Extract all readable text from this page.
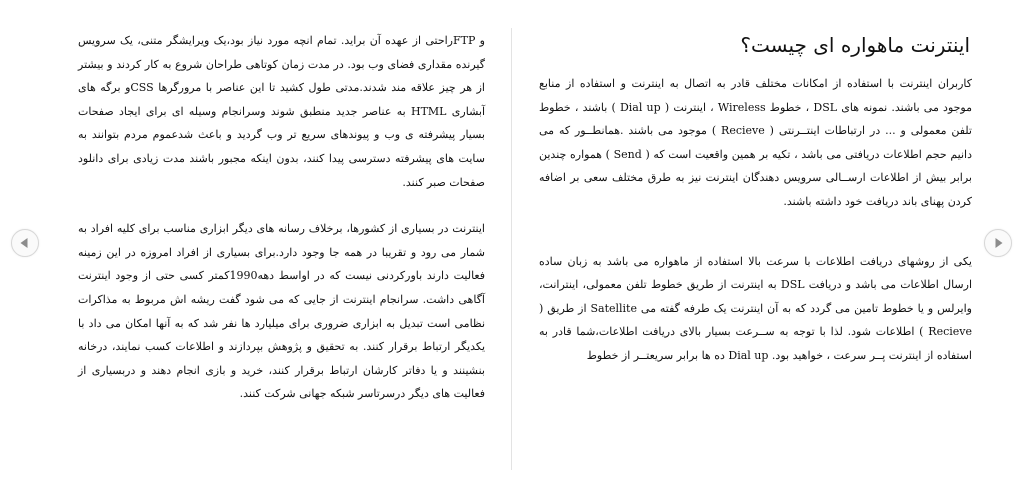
و FTPراحتی از عهده آن براید. تمام انچه مورد نیاز بود،یک ویرایشگر متنی، یک سرویس گیرنده مقداری فضای وب بود. در مدت زمان کوتاهی طراحان شروع به کار کردند و بیشتر از هر چیز علاقه مند شدند.مدتی طول کشید تا این عناصر با مرورگرها CSSو برگه های آبشاری HTML به عناصر جدید منطبق شوند وسرانجام وسیله ای برای ایجاد صفحات بسیار پیشرفته ی وب و پیوندهای سریع تر وب گردید و باعث شدعموم مردم بتوانند به سایت های پیشرفته دسترسی پیدا کنند، بدون اینکه مجبور باشند مدت زیادی برای دانلود صفحات صبر کنند.

اینترنت در بسیاری از کشورها، برخلاف رسانه های دیگر ابزاری مناسب برای کلیه افراد به شمار می رود و تقریبا در همه جا وجود دارد.برای بسیاری از افراد امروزه در این زمینه فعالیت دارند باورکردنی نیست که در اواسط دهه1990کمتر کسی حتی از وجود اینترنت آگاهی داشت. سرانجام اینترنت از جایی که می شود گفت ریشه اش مربوط به مذاکرات نظامی است تبدیل به ابزاری ضروری برای میلیارد ها نفر شد که به آنها امکان می داد با یکدیگر ارتباط برقرار کنند. به تحقیق و پژوهش بپردازند و اطلاعات کسب نمایند، درخانه بنشینند و یا دفاتر کارشان ارتباط برقرار کنند، خرید و بازی انجام دهند و دربسیاری از فعالیت های دیگر درسرتاسر شبکه جهانی شرکت کنند.

اینترنت ماهواره ای چیست؟

کاربران اینترنت با استفاده از امکانات مختلف قادر به اتصال به اینترنت و استفاده از منابع موجود می باشند. نمونه های DSL ، خطوط Wireless ، اینترنت ( Dial up ) باشند ، خطوط تلفن معمولی و ... در ارتباطات اینتــرنتی ( Recieve ) موجود می باشند .همانطــور که می دانیم حجم اطلاعات دریافتی می باشد ، تکیه بر همین واقعیت است که ( Send ) همواره چندین برابر بیش از اطلاعات ارســالی سرویس دهندگان اینترنت نیز به طرق مختلف سعی بر اضافه کردن پهنای باند دریافت خود داشته باشند.

یکی از روشهای دریافت اطلاعات با سرعت بالا استفاده از ماهواره می باشد به زبان ساده ارسال اطلاعات می باشد و دریافت DSL به اینترنت از طریق خطوط تلفن معمولی، اینترانت، وایرلس و یا خطوط تامین می گردد که به آن اینترنت یک طرفه گفته می Satellite از طریق ( Recieve ) اطلاعات شود. لذا با توجه به ســرعت بسیار بالای دریافت اطلاعات،شما قادر به استفاده از اینترنت پــر سرعت ، خواهید بود. Dial up ده ها برابر سریعتــر از خطوط
